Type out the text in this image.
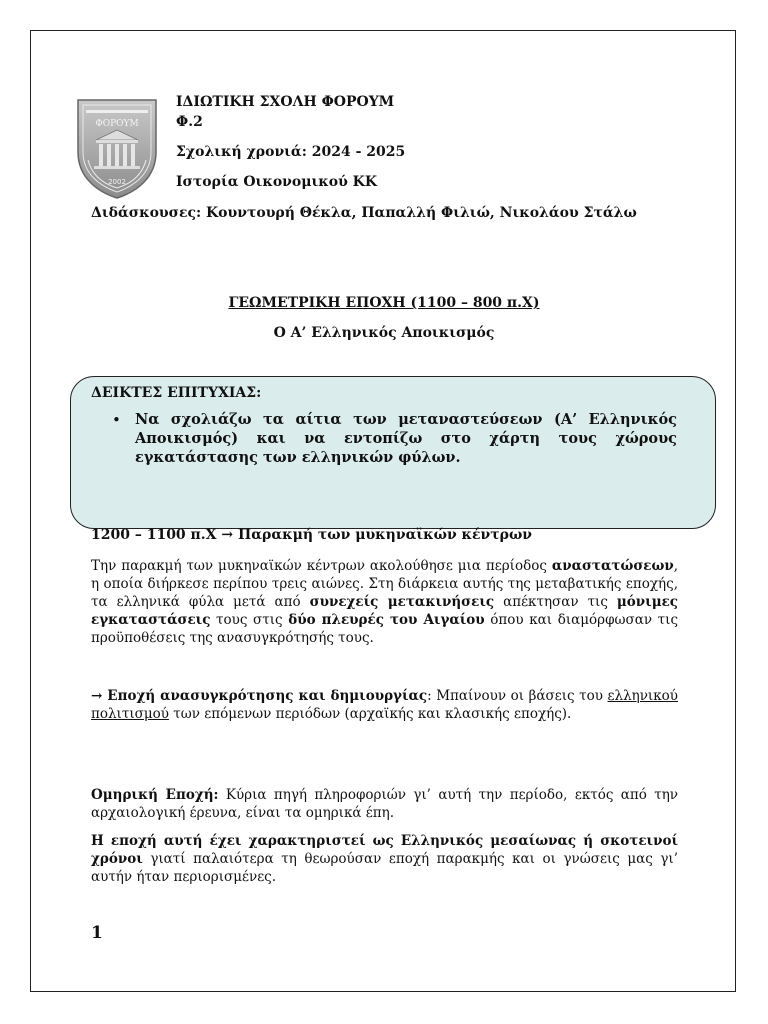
ΦΟΡΟΥΜ
2002
ΙΔΙΩΤΙΚΗ ΣΧΟΛΗ ΦΟΡΟΥΜ
Φ.2
Σχολική χρονιά: 2024 - 2025
Ιστορία Οικονομικού ΚΚ
Διδάσκουσες: Κουντουρή Θέκλα, Παπαλλή Φιλιώ, Νικολάου Στάλω
ΓΕΩΜΕΤΡΙΚΗ ΕΠΟΧΗ (1100 – 800 π.Χ)
Ο Α’ Ελληνικός Αποικισμός
ΔΕΙΚΤΕΣ ΕΠΙΤΥΧΙΑΣ:
• Να σχολιάζω τα αίτια των μεταναστεύσεων (Α’ Ελληνικός Αποικισμός) και να εντοπίζω στο χάρτη τους χώρους εγκατάστασης των ελληνικών φύλων.
1200 – 1100 π.Χ → Παρακμή των μυκηναϊκών κέντρων
Την παρακμή των μυκηναϊκών κέντρων ακολούθησε μια περίοδος αναστατώσεων, η οποία διήρκεσε περίπου τρεις αιώνες. Στη διάρκεια αυτής της μεταβατικής εποχής, τα ελληνικά φύλα μετά από συνεχείς μετακινήσεις απέκτησαν τις μόνιμες εγκαταστάσεις τους στις δύο πλευρές του Αιγαίου όπου και διαμόρφωσαν τις προϋποθέσεις της ανασυγκρότησής τους.
→ Εποχή ανασυγκρότησης και δημιουργίας: Μπαίνουν οι βάσεις του ελληνικού πολιτισμού των επόμενων περιόδων (αρχαϊκής και κλασικής εποχής).
Ομηρική Εποχή: Κύρια πηγή πληροφοριών γι’ αυτή την περίοδο, εκτός από την αρχαιολογική έρευνα, είναι τα ομηρικά έπη.
Η εποχή αυτή έχει χαρακτηριστεί ως Ελληνικός μεσαίωνας ή σκοτεινοί χρόνοι γιατί παλαιότερα τη θεωρούσαν εποχή παρακμής και οι γνώσεις μας γι’ αυτήν ήταν περιορισμένες.
1
